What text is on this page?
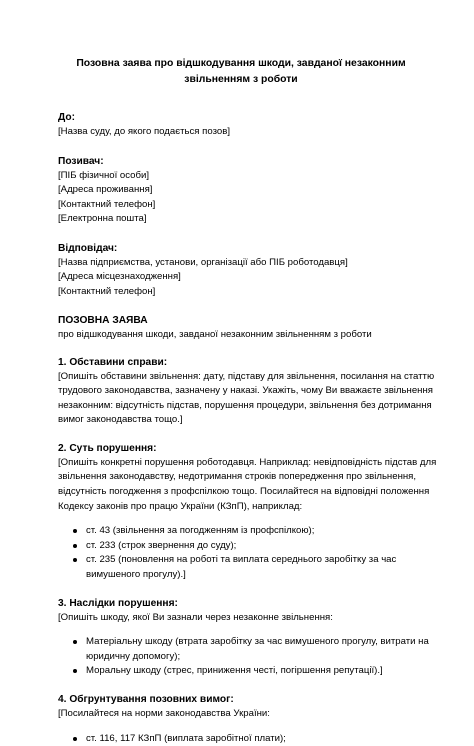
Позовна заява про відшкодування шкоди, завданої незаконним
звільненням з роботи
До:
[Назва суду, до якого подається позов]
Позивач:
[ПІБ фізичної особи]
[Адреса проживання]
[Контактний телефон]
[Електронна пошта]
Відповідач:
[Назва підприємства, установи, організації або ПІБ роботодавця]
[Адреса місцезнаходження]
[Контактний телефон]
ПОЗОВНА ЗАЯВА
про відшкодування шкоди, завданої незаконним звільненням з роботи
1. Обставини справи:
[Опишіть обставини звільнення: дату, підставу для звільнення, посилання на статтю
трудового законодавства, зазначену у наказі. Укажіть, чому Ви вважаєте звільнення
незаконним: відсутність підстав, порушення процедури, звільнення без дотримання
вимог законодавства тощо.]
2. Суть порушення:
[Опишіть конкретні порушення роботодавця. Наприклад: невідповідність підстав для
звільнення законодавству, недотримання строків попередження про звільнення,
відсутність погодження з профспілкою тощо. Посилайтеся на відповідні положення
Кодексу законів про працю України (КЗпП), наприклад:
ст. 43 (звільнення за погодженням із профспілкою);
ст. 233 (строк звернення до суду);
ст. 235 (поновлення на роботі та виплата середнього заробітку за час
вимушеного прогулу).]
3. Наслідки порушення:
[Опишіть шкоду, якої Ви зазнали через незаконне звільнення:
Матеріальну шкоду (втрата заробітку за час вимушеного прогулу, витрати на
юридичну допомогу);
Моральну шкоду (стрес, приниження честі, погіршення репутації).]
4. Обгрунтування позовних вимог:
[Посилайтеся на норми законодавства України:
ст. 116, 117 КЗпП (виплата заробітної плати);
